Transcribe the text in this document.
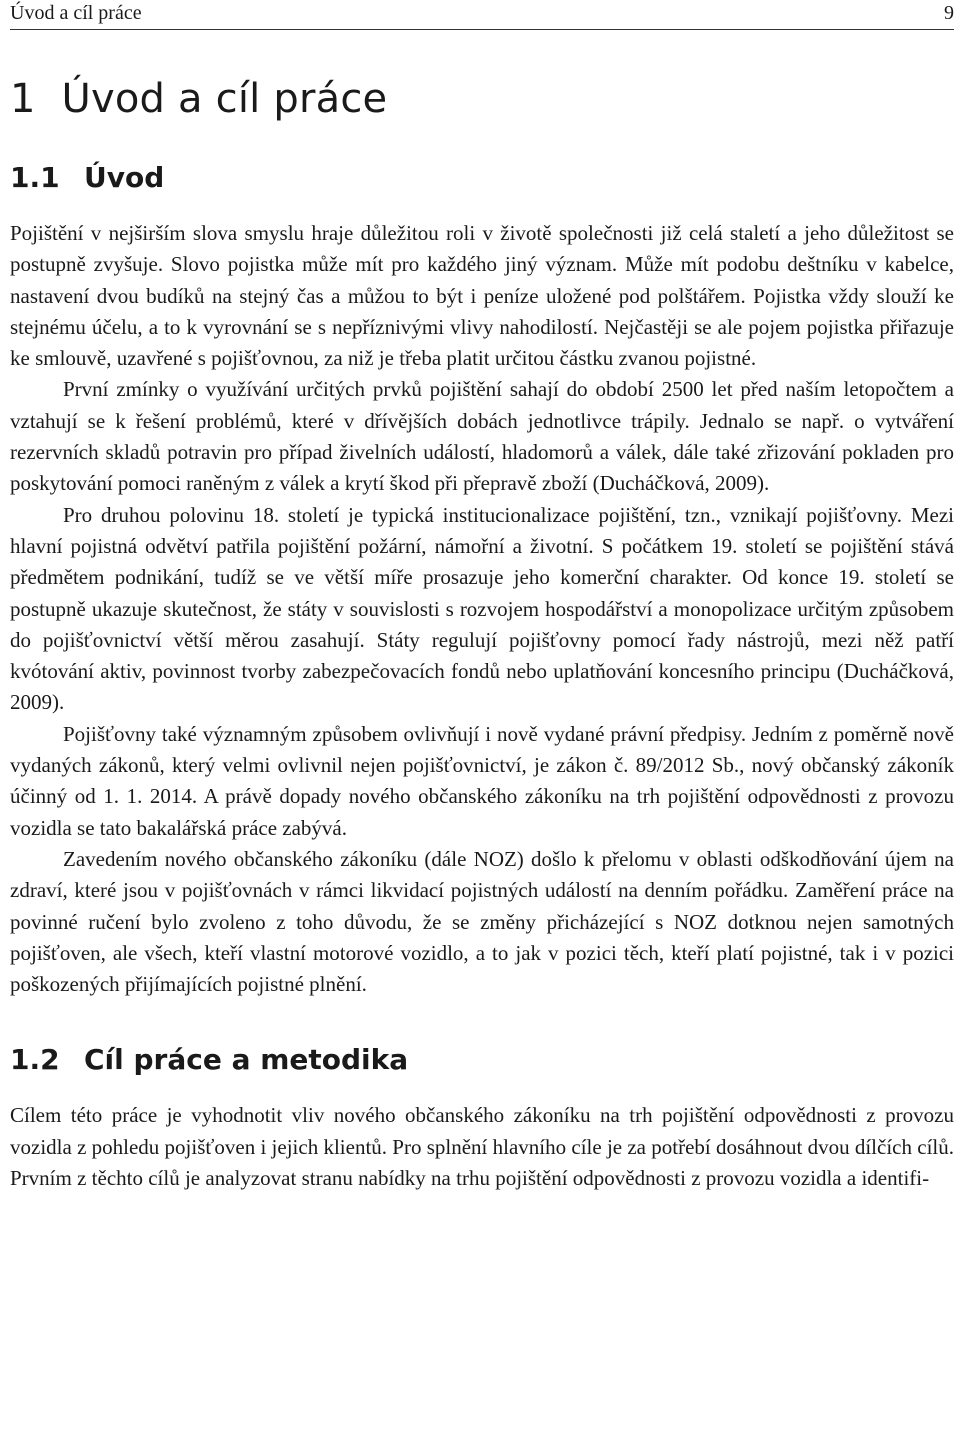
Úvod a cíl práce	9
1 Úvod a cíl práce
1.1 Úvod

Pojištění v nejširším slova smyslu hraje důležitou roli v životě společnosti již celá staletí a jeho důležitost se postupně zvyšuje. Slovo pojistka může mít pro každého jiný význam. Může mít podobu deštníku v kabelce, nastavení dvou budíků na stejný čas a můžou to být i peníze uložené pod polštářem. Pojistka vždy slouží ke stejnému účelu, a to k vyrovnání se s nepříznivými vlivy nahodilostí. Nejčastěji se ale pojem pojistka přiřazuje ke smlouvě, uzavřené s pojišťovnou, za niž je třeba platit určitou částku zvanou pojistné.

První zmínky o využívání určitých prvků pojištění sahají do období 2500 let před naším letopočtem a vztahují se k řešení problémů, které v dřívějších dobách jednotlivce trápily. Jednalo se např. o vytváření rezervních skladů potravin pro případ živelních událostí, hladomorů a válek, dále také zřizování pokladen pro poskytování pomoci raněným z válek a krytí škod při přepravě zboží (Ducháčková, 2009).

Pro druhou polovinu 18. století je typická institucionalizace pojištění, tzn., vznikají pojišťovny. Mezi hlavní pojistná odvětví patřila pojištění požární, námořní a životní. S počátkem 19. století se pojištění stává předmětem podnikání, tudíž se ve větší míře prosazuje jeho komerční charakter. Od konce 19. století se postupně ukazuje skutečnost, že státy v souvislosti s rozvojem hospodářství a monopolizace určitým způsobem do pojišťovnictví větší měrou zasahují. Státy regulují pojišťovny pomocí řady nástrojů, mezi něž patří kvótování aktiv, povinnost tvorby zabezpečovacích fondů nebo uplatňování koncesního principu (Ducháčková, 2009).

Pojišťovny také významným způsobem ovlivňují i nově vydané právní předpisy. Jedním z poměrně nově vydaných zákonů, který velmi ovlivnil nejen pojišťovnictví, je zákon č. 89/2012 Sb., nový občanský zákoník účinný od 1. 1. 2014. A právě dopady nového občanského zákoníku na trh pojištění odpovědnosti z provozu vozidla se tato bakalářská práce zabývá.

Zavedením nového občanského zákoníku (dále NOZ) došlo k přelomu v oblasti odškodňování újem na zdraví, které jsou v pojišťovnách v rámci likvidací pojistných událostí na denním pořádku. Zaměření práce na povinné ručení bylo zvoleno z toho důvodu, že se změny přicházející s NOZ dotknou nejen samotných pojišťoven, ale všech, kteří vlastní motorové vozidlo, a to jak v pozici těch, kteří platí pojistné, tak i v pozici poškozených přijímajících pojistné plnění.

1.2 Cíl práce a metodika

Cílem této práce je vyhodnotit vliv nového občanského zákoníku na trh pojištění odpovědnosti z provozu vozidla z pohledu pojišťoven i jejich klientů. Pro splnění hlavního cíle je za potřebí dosáhnout dvou dílčích cílů. Prvním z těchto cílů je analyzovat stranu nabídky na trhu pojištění odpovědnosti z provozu vozidla a identifi-
